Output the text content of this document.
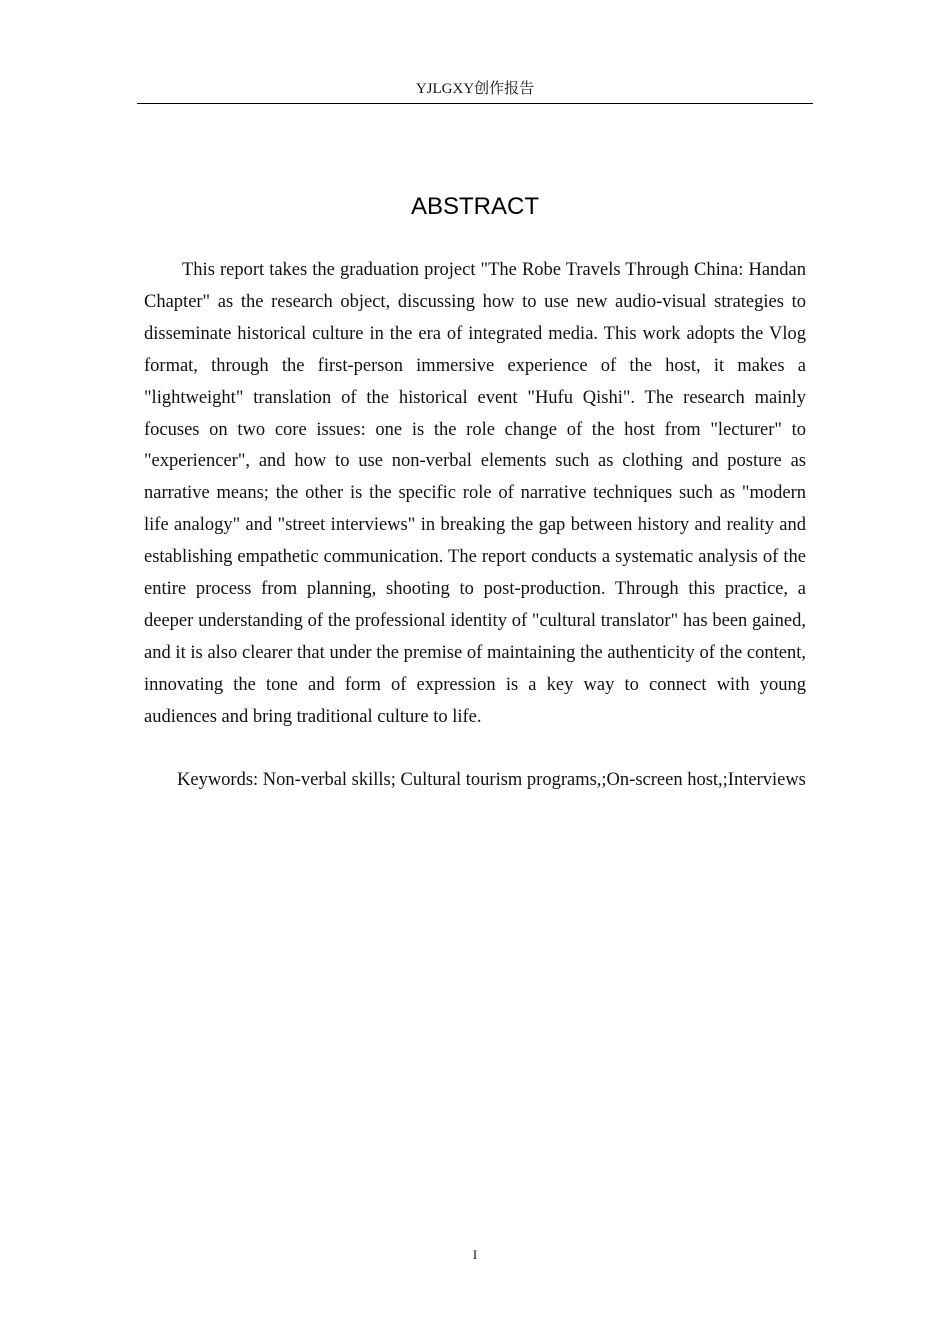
YJLGXY创作报告
ABSTRACT

This report takes the graduation project "The Robe Travels Through China: Handan Chapter" as the research object, discussing how to use new audio-visual strategies to disseminate historical culture in the era of integrated media. This work adopts the Vlog format, through the first-person immersive experience of the host, it makes a "lightweight" translation of the historical event "Hufu Qishi". The research mainly focuses on two core issues: one is the role change of the host from "lecturer" to "experiencer", and how to use non-verbal elements such as clothing and posture as narrative means; the other is the specific role of narrative techniques such as "modern life analogy" and "street interviews" in breaking the gap between history and reality and establishing empathetic communication. The report conducts a systematic analysis of the entire process from planning, shooting to post-production. Through this practice, a deeper understanding of the professional identity of "cultural translator" has been gained, and it is also clearer that under the premise of maintaining the authenticity of the content, innovating the tone and form of expression is a key way to connect with young audiences and bring traditional culture to life.

Keywords: Non-verbal skills; Cultural tourism programs,;On-screen host,;Interviews

I
